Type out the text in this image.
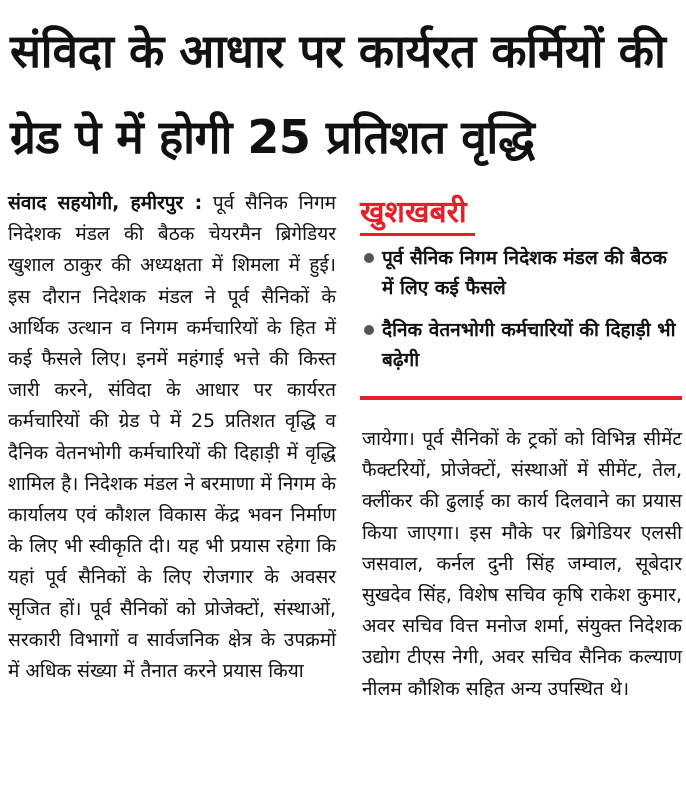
संविदा के आधार पर कार्यरत कर्मियों की ग्रेड पे में होगी 25 प्रतिशत वृद्धि

संवाद सहयोगी, हमीरपुर : पूर्व सैनिक निगम निदेशक मंडल की बैठक चेयरमैन ब्रिगेडियर खुशाल ठाकुर की अध्यक्षता में शिमला में हुई। इस दौरान निदेशक मंडल ने पूर्व सैनिकों के आर्थिक उत्थान व निगम कर्मचारियों के हित में कई फैसले लिए। इनमें महंगाई भत्ते की किस्त जारी करने, संविदा के आधार पर कार्यरत कर्मचारियों की ग्रेड पे में 25 प्रतिशत वृद्धि व दैनिक वेतनभोगी कर्मचारियों की दिहाड़ी में वृद्धि शामिल है। निदेशक मंडल ने बरमाणा में निगम के कार्यालय एवं कौशल विकास केंद्र भवन निर्माण के लिए भी स्वीकृति दी। यह भी प्रयास रहेगा कि यहां पूर्व सैनिकों के लिए रोजगार के अवसर सृजित हों। पूर्व सैनिकों को प्रोजेक्टों, संस्थाओं, सरकारी विभागों व सार्वजनिक क्षेत्र के उपक्रमों में अधिक संख्या में तैनात करने प्रयास किया

खुशखबरी
पूर्व सैनिक निगम निदेशक मंडल की बैठक में लिए कई फैसले
दैनिक वेतनभोगी कर्मचारियों की दिहाड़ी भी बढ़ेगी

जायेगा। पूर्व सैनिकों के ट्रकों को विभिन्न सीमेंट फैक्टरियों, प्रोजेक्टों, संस्थाओं में सीमेंट, तेल, क्लींकर की ढुलाई का कार्य दिलवाने का प्रयास किया जाएगा। इस मौके पर ब्रिगेडियर एलसी जसवाल, कर्नल दुनी सिंह जम्वाल, सूबेदार सुखदेव सिंह, विशेष सचिव कृषि राकेश कुमार, अवर सचिव वित्त मनोज शर्मा, संयुक्त निदेशक उद्योग टीएस नेगी, अवर सचिव सैनिक कल्याण नीलम कौशिक सहित अन्य उपस्थित थे।
